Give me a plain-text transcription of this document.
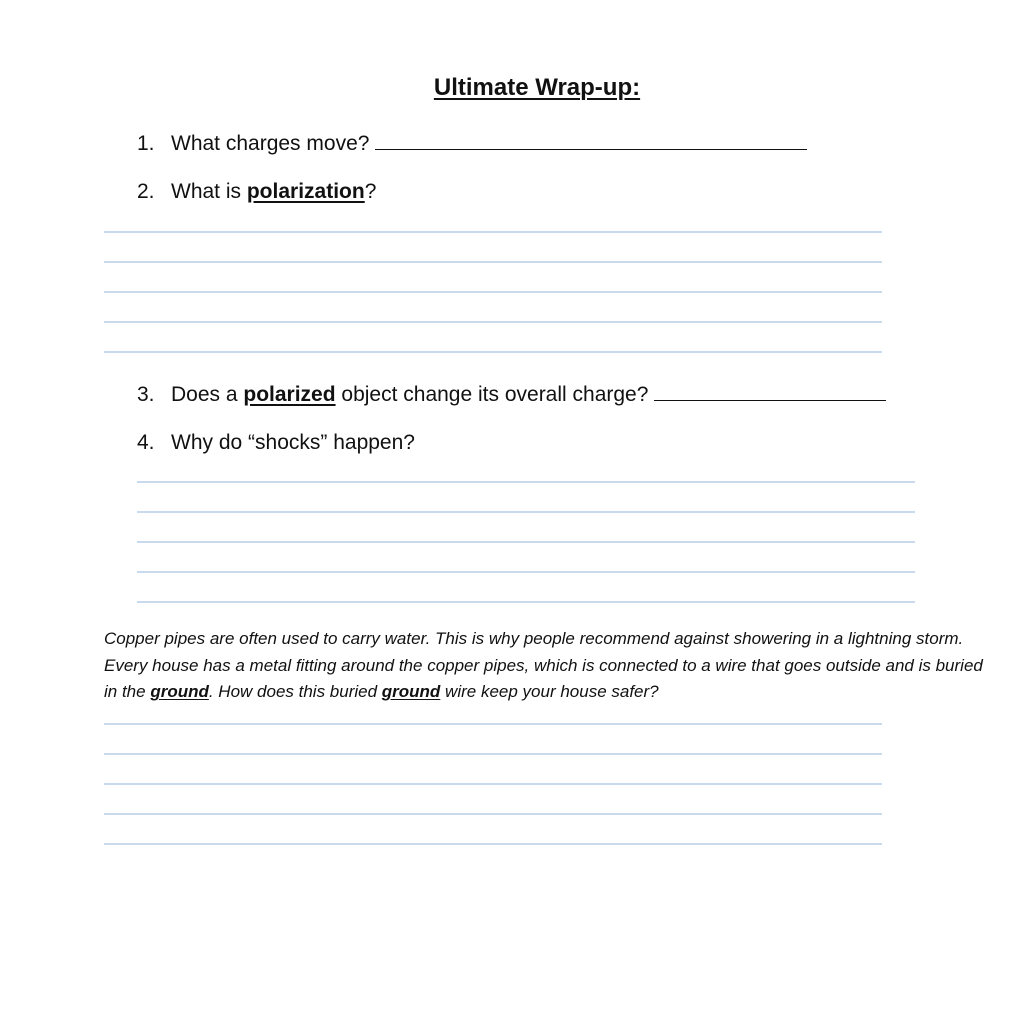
Ultimate Wrap-up:
1. What charges move?
2. What is polarization?
3. Does a polarized object change its overall charge?
4. Why do “shocks” happen?
Copper pipes are often used to carry water. This is why people recommend against showering in a lightning storm. Every house has a metal fitting around the copper pipes, which is connected to a wire that goes outside and is buried in the ground. How does this buried ground wire keep your house safer?
